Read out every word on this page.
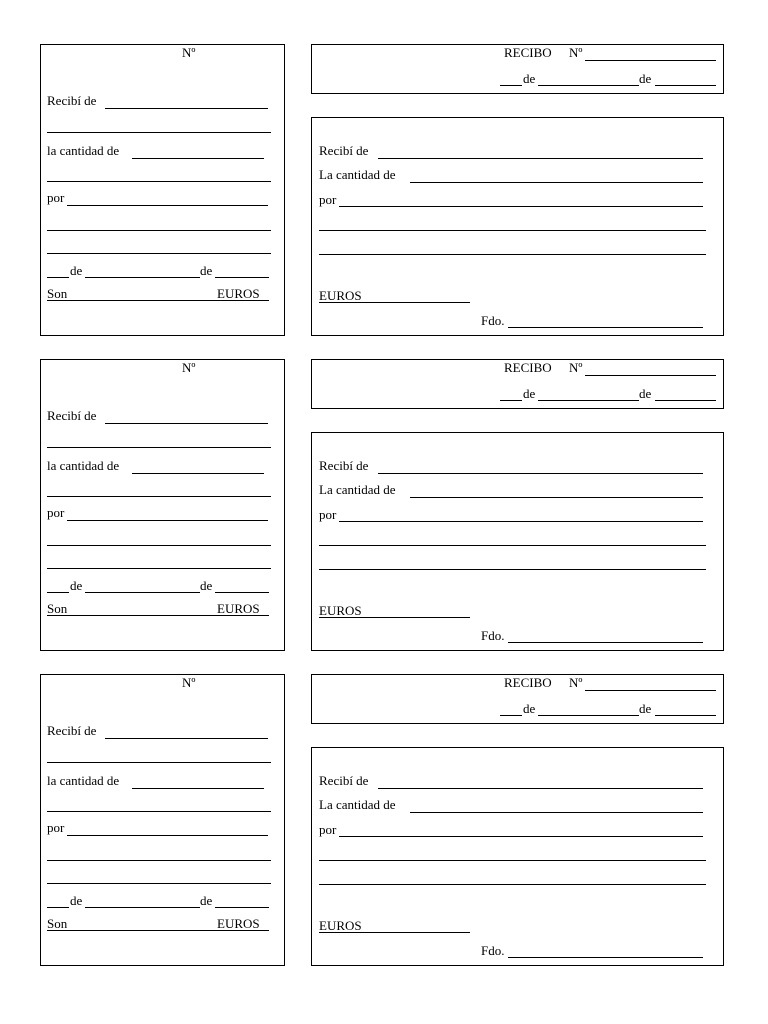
Nº
Recibí de
la cantidad de
por
de	de
Son	EUROS
RECIBO Nº
de	de
Recibí de
La cantidad de
por
EUROS
Fdo.
Nº
Recibí de
la cantidad de
por
de	de
Son	EUROS
RECIBO Nº
de	de
Recibí de
La cantidad de
por
EUROS
Fdo.
Nº
Recibí de
la cantidad de
por
de	de
Son	EUROS
RECIBO Nº
de	de
Recibí de
La cantidad de
por
EUROS
Fdo.
